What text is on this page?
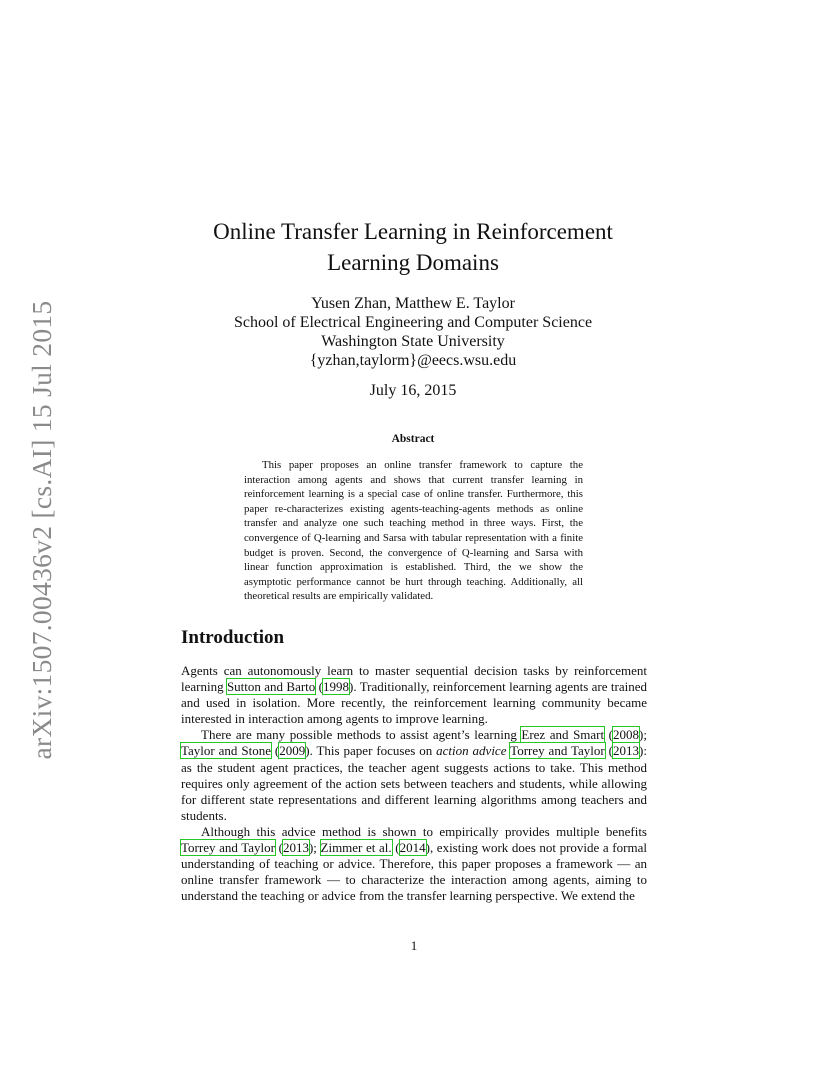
arXiv:1507.00436v2 [cs.AI] 15 Jul 2015
Online Transfer Learning in Reinforcement
Learning Domains
Yusen Zhan, Matthew E. Taylor
School of Electrical Engineering and Computer Science
Washington State University
{yzhan,taylorm}@eecs.wsu.edu
July 16, 2015
Abstract

This paper proposes an online transfer framework to capture the interaction among agents and shows that current transfer learning in reinforcement learning is a special case of online transfer. Furthermore, this paper re-characterizes existing agents-teaching-agents methods as online transfer and analyze one such teaching method in three ways. First, the convergence of Q-learning and Sarsa with tabular representation with a finite budget is proven. Second, the convergence of Q-learning and Sarsa with linear function approximation is established. Third, the we show the asymptotic performance cannot be hurt through teaching. Additionally, all theoretical results are empirically validated.

Introduction

Agents can autonomously learn to master sequential decision tasks by reinforcement learning Sutton and Barto (1998). Traditionally, reinforcement learning agents are trained and used in isolation. More recently, the reinforcement learning community became interested in interaction among agents to improve learning.

There are many possible methods to assist agent’s learning Erez and Smart (2008); Taylor and Stone (2009). This paper focuses on action advice Torrey and Taylor (2013): as the student agent practices, the teacher agent suggests actions to take. This method requires only agreement of the action sets between teachers and students, while allowing for different state representations and different learning algorithms among teachers and students.

Although this advice method is shown to empirically provides multiple benefits Torrey and Taylor (2013); Zimmer et al. (2014), existing work does not provide a formal understanding of teaching or advice. Therefore, this paper proposes a framework — an online transfer framework — to characterize the interaction among agents, aiming to understand the teaching or advice from the transfer learning perspective. We extend the

1
